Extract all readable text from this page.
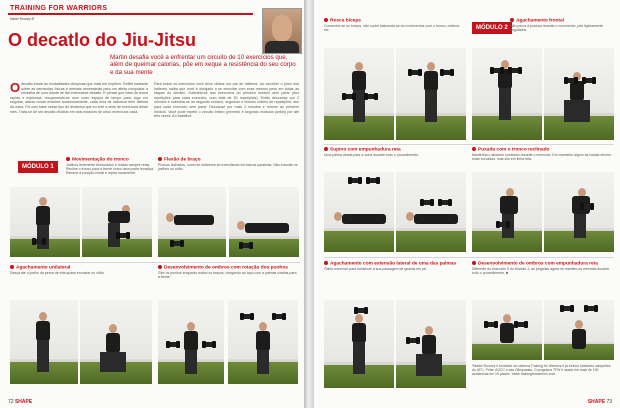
TRAINING FOR WARRIORS
Martin Rooney 8º
O decatlo do Jiu-Jitsu
Martin desafia você a enfrentar um circuito de 10 exercícios que, além de queimar calorias, põe em xeque a resistência do seu corpo e da sua mente
Odecatlo existe as modalidades olímpicas que mais me impõem. Refleti bastante sobre as demandas físicas e mentais necessárias para um atleta conquistar a medalha de ouro diante de tão extenuante desafio. E pensei que lutas da forma rápida e explosiva, recuperando-se num curto espaço de tempo para, logo em seguida, atacar novas missões sucessivamente, cada uma de natureza bem distinta da outra. Foi com base nesse tipo de dinâmica que eu criei a série de exercícios deste mês. Trata-se de um decatlo dividido em dois módulos de cinco exercícios cada.
Para todos os exercícios você deve utilizar um par de halteres. Ao escolher o peso dos halteres, saiba que você é obrigado a se exercitar com esse mesmo peso em todas as etapas do decatlo. Submeta-se aos exercícios do primeiro módulo sem parar (dez repetições para cada exercício, num total de 50 repetições). Então descanse por 2 minutos e submeta-se ao segundo módulo, seguindo o mesmo critério de repetições: dez para cada exercício sem parar. Descanse por mais 2 minutos e retorne ao primeiro módulo. Você pode repetir o circuito inteiro (primeiro e segundo módulos juntos) por até três vezes. Ao trabalho!
MÓDULO 1
Movimentação do tronco
Joelhos levemente flexionados e costas sempre retas. Recline o tronco para a frente como uma ponte levadiça. Retorne à posição inicial e repita novamente.
Flexão de braço
Punhos fechados, como se estivesse se exercitando em barras paralelas. Não encoste os joelhos no chão.
Agachamento unilateral
Desça até o joelho da perna de trás quase encostar no chão.
Desenvolvimento de ombros com rotação dos punhos
Gire os punhos enquanto estica os braços, chegando ao topo com a palmas viradas para a frente.
72 SHAPE
MÓDULO 2
Rosca bíceps
Concentre-se no bíceps, não roube esticando-se do movimentos com o tronco, ombros etc.
Agachamento frontal
Não perca a postura durante o movimento, pés ligeiramente angulados.
Supino com empunhadura reta
Uma palma virada para a outra durante todo o procedimento.
Puxada com o tronco reclinado
Mantenha o abdome contraído durante o exercício. Em momento algum as costas devem estar curvadas, mas sim em linha reta.
Agachamento com extensão lateral de uma das palmas
Ótimo exercício para fortalecer a sua passagem de guarda em pé.
Desenvolvimento de ombros com empunhadura reta
Diferente do exercício 5 do Módulo 1, as pegadas agora se mantêm as mesmas durante todo o procedimento. ■
*Martin Rooney é fundador do sistema Training for Warriors e já treinou lutadores campeões do UFC, Pride, ADCC e das Olimpíadas. O programa TFW é usado em mais de 190 academias em 15 países. Visite trainingforwarriors.com.
SHAPE 73
